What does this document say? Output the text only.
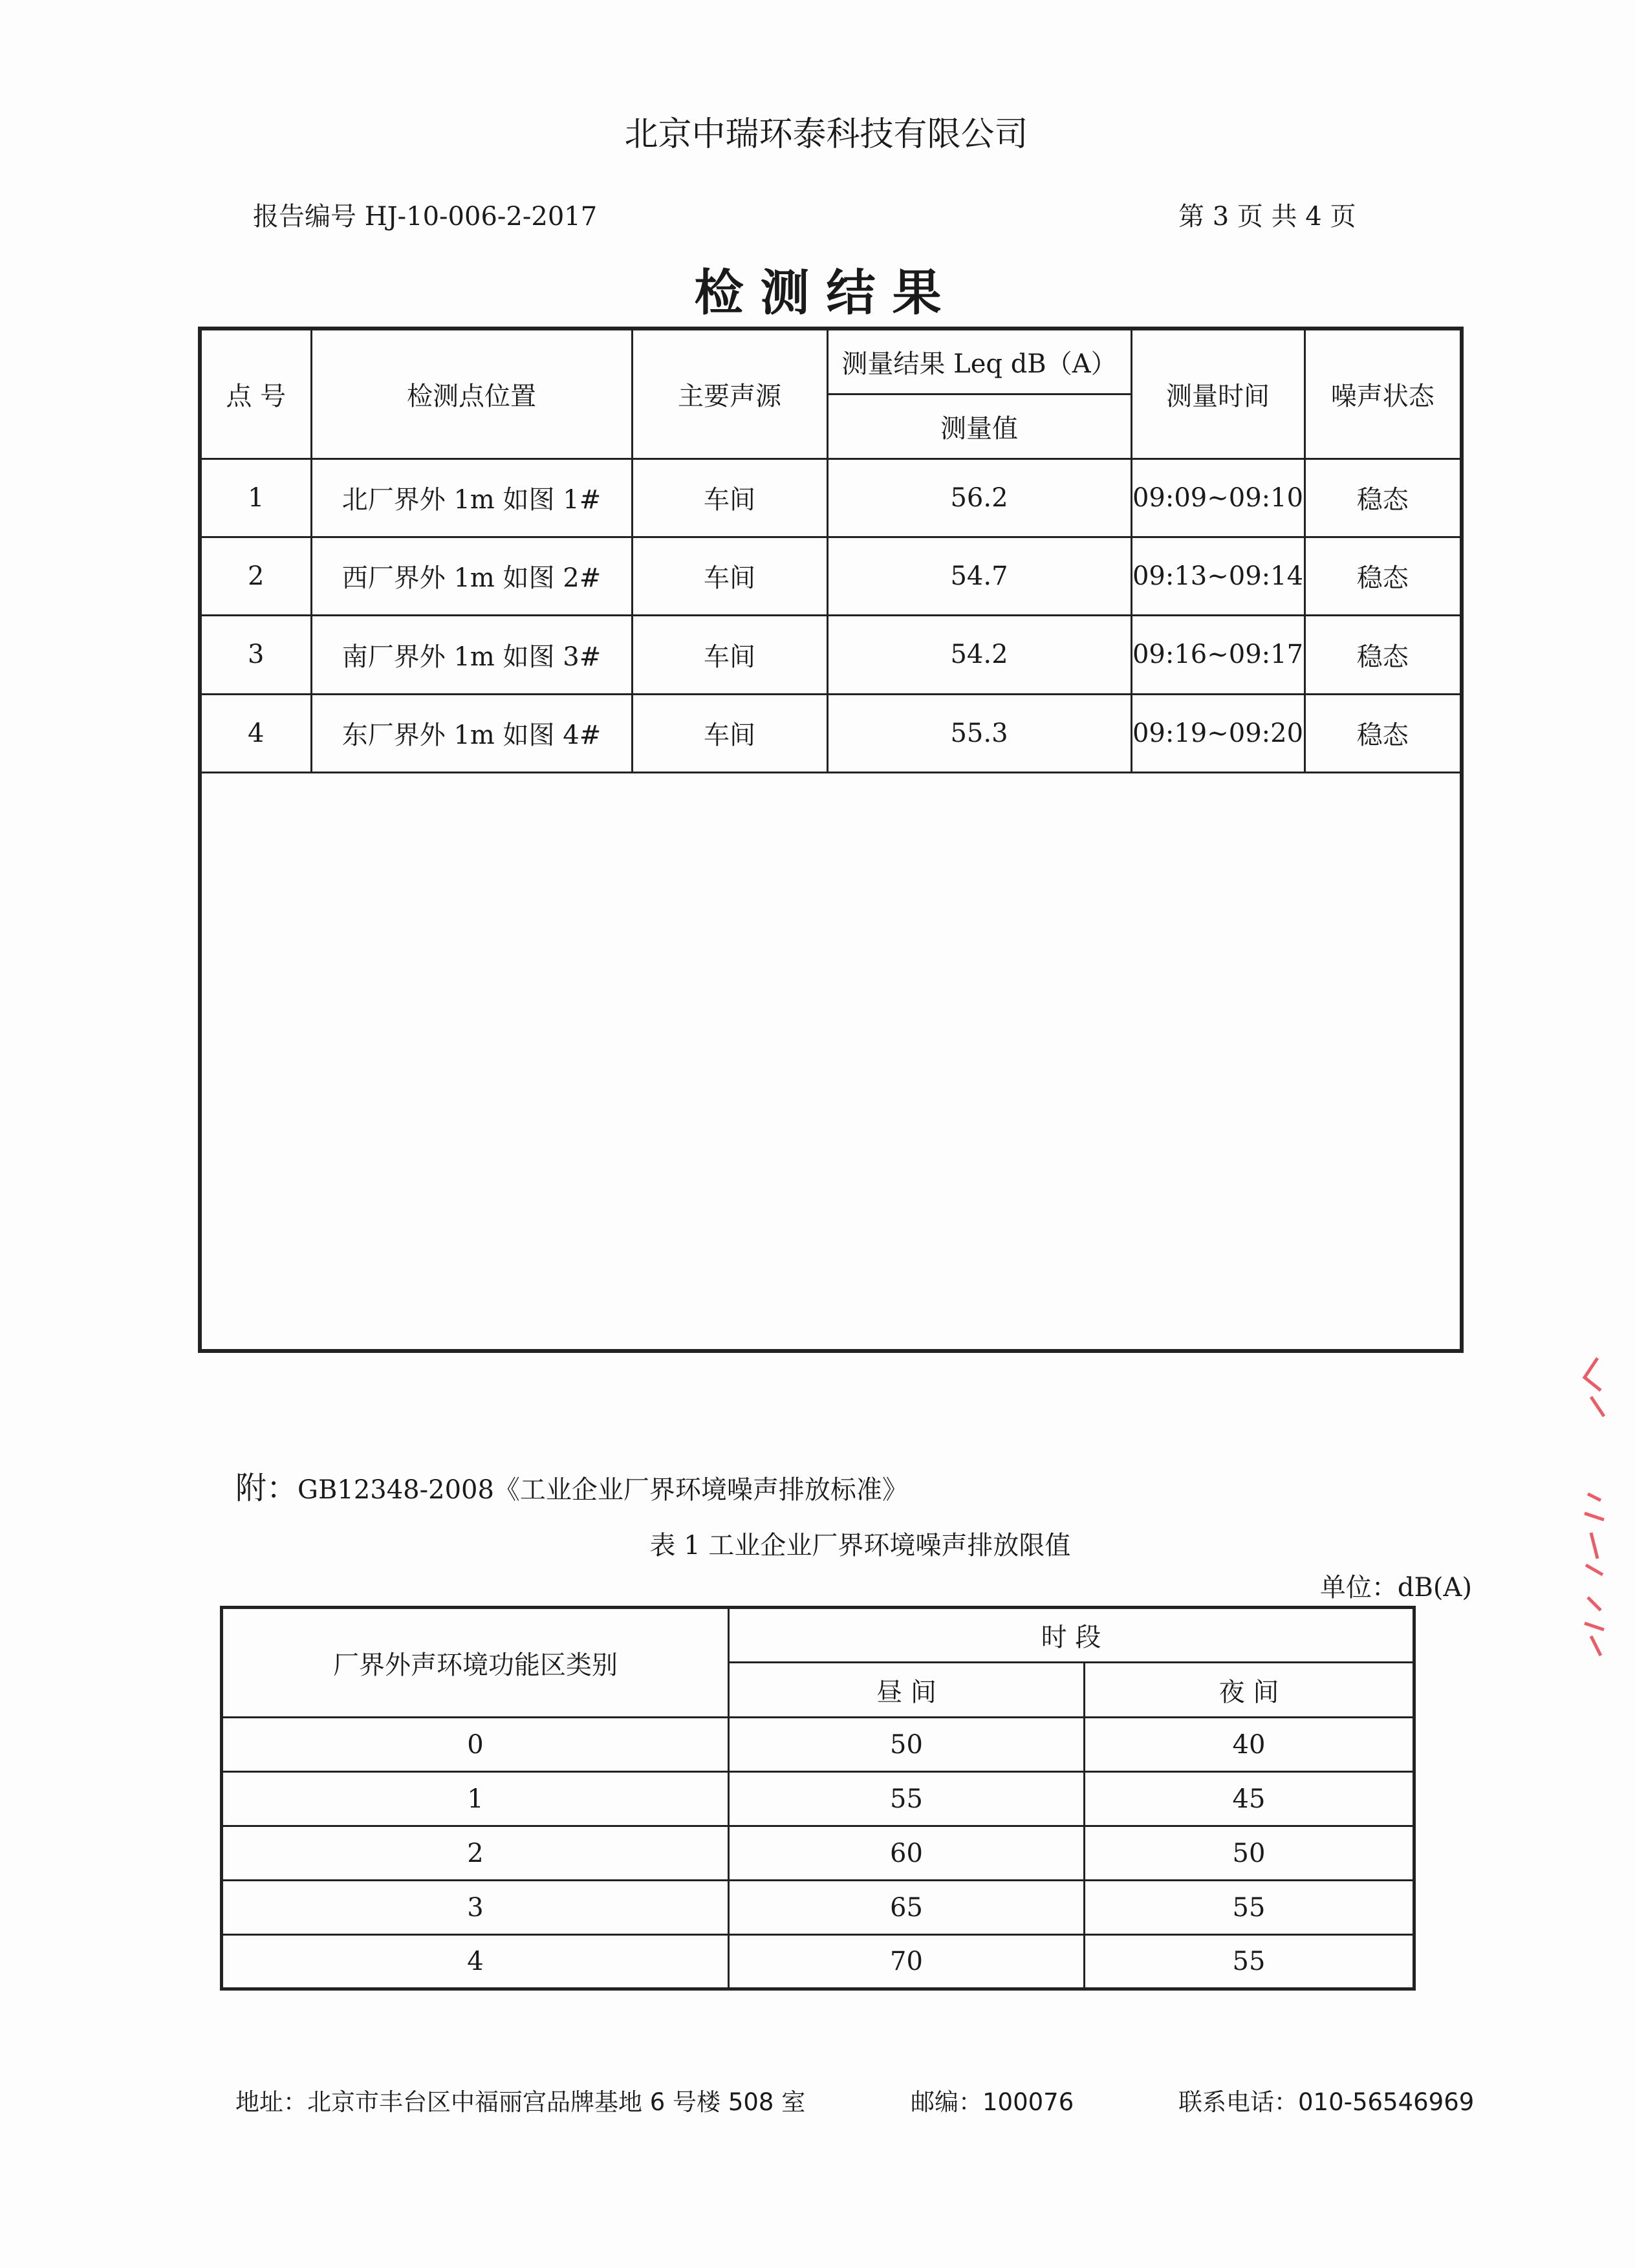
北京中瑞环泰科技有限公司
报告编号 HJ-10-006-2-2017	第 3 页 共 4 页
检测结果
点 号	检测点位置	主要声源	测量结果 Leq dB（A）	测量时间	噪声状态
			测量值		
1	北厂界外 1m 如图 1#	车间	56.2	09:09~09:10	稳态
2	西厂界外 1m 如图 2#	车间	54.7	09:13~09:14	稳态
3	南厂界外 1m 如图 3#	车间	54.2	09:16~09:17	稳态
4	东厂界外 1m 如图 4#	车间	55.3	09:19~09:20	稳态

附：GB12348-2008《工业企业厂界环境噪声排放标准》
表 1 工业企业厂界环境噪声排放限值
单位：dB(A)
厂界外声环境功能区类别	时 段	
	昼 间	夜 间
0	50	40
1	55	45
2	60	50
3	65	55
4	70	55
地址：北京市丰台区中福丽宫品牌基地 6 号楼 508 室	邮编：100076	联系电话：010-56546969
